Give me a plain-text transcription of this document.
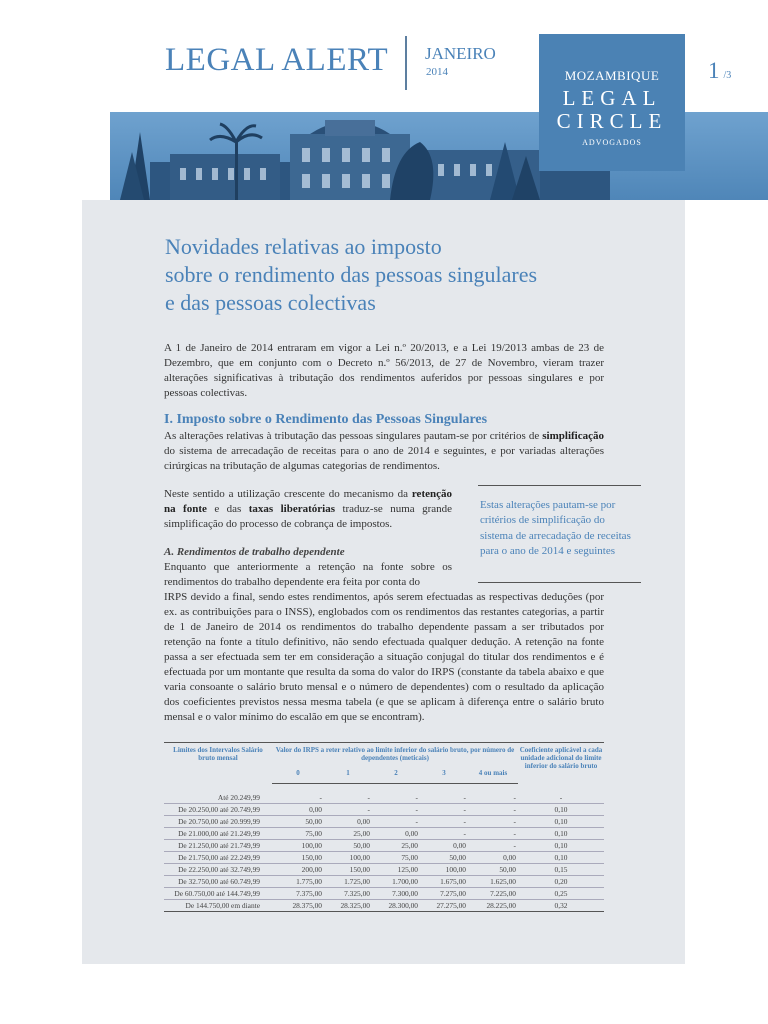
LEGAL ALERT JANEIRO
2014	1 /3
MOZAMBIQUE
LEGAL
CIRCLE
ADVOGADOS
Novidades relativas ao imposto
sobre o rendimento das pessoas singulares
e das pessoas colectivas

A 1 de Janeiro de 2014 entraram em vigor a Lei n.º 20/2013, e a Lei 19/2013 ambas de 23 de Dezembro, que em conjunto com o Decreto n.º 56/2013, de 27 de Novembro, vieram trazer alterações significativas à tributação dos rendimentos auferidos por pessoas singulares e por pessoas colectivas.

I. Imposto sobre o Rendimento das Pessoas Singulares

As alterações relativas à tributação das pessoas singulares pautam-se por critérios de simplificação do sistema de arrecadação de receitas para o ano de 2014 e seguintes, e por variadas alterações cirúrgicas na tributação de algumas categorias de rendimentos.

Neste sentido a utilização crescente do mecanismo da retenção na fonte e das taxas liberatórias traduz-se numa grande simplificação do processo de cobrança de impostos.

Estas alterações pautam-se por critérios de simplificação do sistema de arrecadação de receitas para o ano de 2014 e seguintes
A. Rendimentos de trabalho dependente

Enquanto que anteriormente a retenção na fonte sobre os rendimentos do trabalho dependente era feita por conta do

IRPS devido a final, sendo estes rendimentos, após serem efectuadas as respectivas deduções (por ex. as contribuições para o INSS), englobados com os rendimentos das restantes categorias, a partir de 1 de Janeiro de 2014 os rendimentos do trabalho dependente passam a ser tributados por retenção na fonte a título definitivo, não sendo efectuada qualquer dedução. A retenção na fonte passa a ser efectuada sem ter em consideração a situação conjugal do titular dos rendimentos e é efectuada por um montante que resulta da soma do valor do IRPS (constante da tabela abaixo e que varia consoante o salário bruto mensal e o número de dependentes) com o resultado da aplicação dos coeficientes previstos nessa mesma tabela (e que se aplicam à diferença entre o salário bruto mensal e o valor mínimo do escalão em que se encontram).

Limites dos Intervalos Salário bruto mensal	Valor do IRPS a reter relativo ao limite inferior do salário bruto, por número de dependentes (meticais)					Coeficiente aplicável a cada unidade adicional do limite inferior do salário bruto
	0	1	2	3	4 ou mais	
Até 20.249,99	-	-	-	-	-	-
De 20.250,00 até 20.749,99	0,00	-	-	-	-	0,10
De 20.750,00 até 20.999,99	50,00	0,00	-	-	-	0,10
De 21.000,00 até 21.249,99	75,00	25,00	0,00	-	-	0,10
De 21.250,00 até 21.749,99	100,00	50,00	25,00	0,00	-	0,10
De 21.750,00 até 22.249,99	150,00	100,00	75,00	50,00	0,00	0,10
De 22.250,00 até 32.749,99	200,00	150,00	125,00	100,00	50,00	0,15
De 32.750,00 até 60.749,99	1.775,00	1.725,00	1.700,00	1.675,00	1.625,00	0,20
De 60.750,00 até 144.749,99	7.375,00	7.325,00	7.300,00	7.275,00	7.225,00	0,25
De 144.750,00 em diante	28.375,00	28.325,00	28.300,00	27.275,00	28.225,00	0,32
